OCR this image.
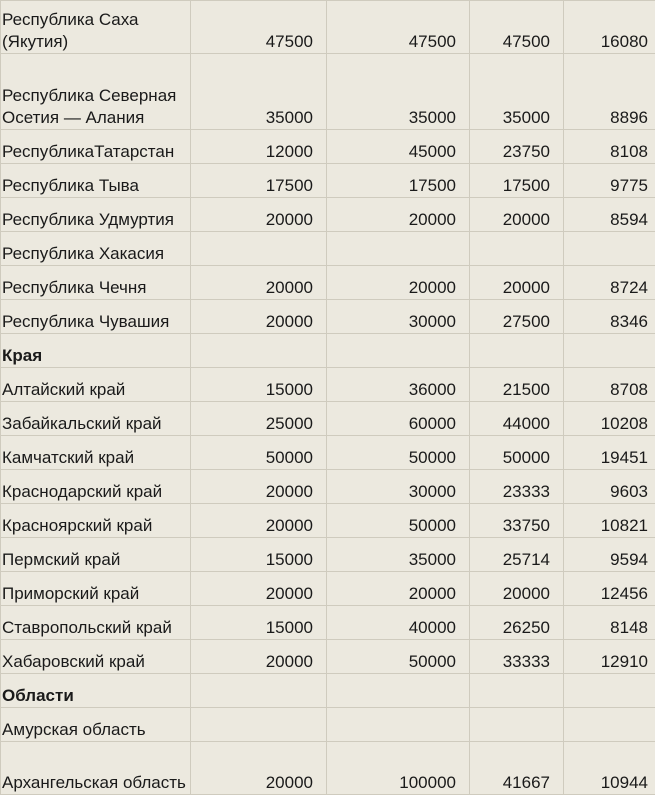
Республика Саха (Якутия)	47500	47500	47500	16080
Республика Северная Осетия — Алания	35000	35000	35000	8896
РеспубликаТатарстан	12000	45000	23750	8108
Республика Тыва	17500	17500	17500	9775
Республика Удмуртия	20000	20000	20000	8594
Республика Хакасия				
Республика Чечня	20000	20000	20000	8724
Республика Чувашия	20000	30000	27500	8346
Края				
Алтайский край	15000	36000	21500	8708
Забайкальский край	25000	60000	44000	10208
Камчатский край	50000	50000	50000	19451
Краснодарский край	20000	30000	23333	9603
Красноярский край	20000	50000	33750	10821
Пермский край	15000	35000	25714	9594
Приморский край	20000	20000	20000	12456
Ставропольский край	15000	40000	26250	8148
Хабаровский край	20000	50000	33333	12910
Области				
Амурская область				
Архангельская область	20000	100000	41667	10944
